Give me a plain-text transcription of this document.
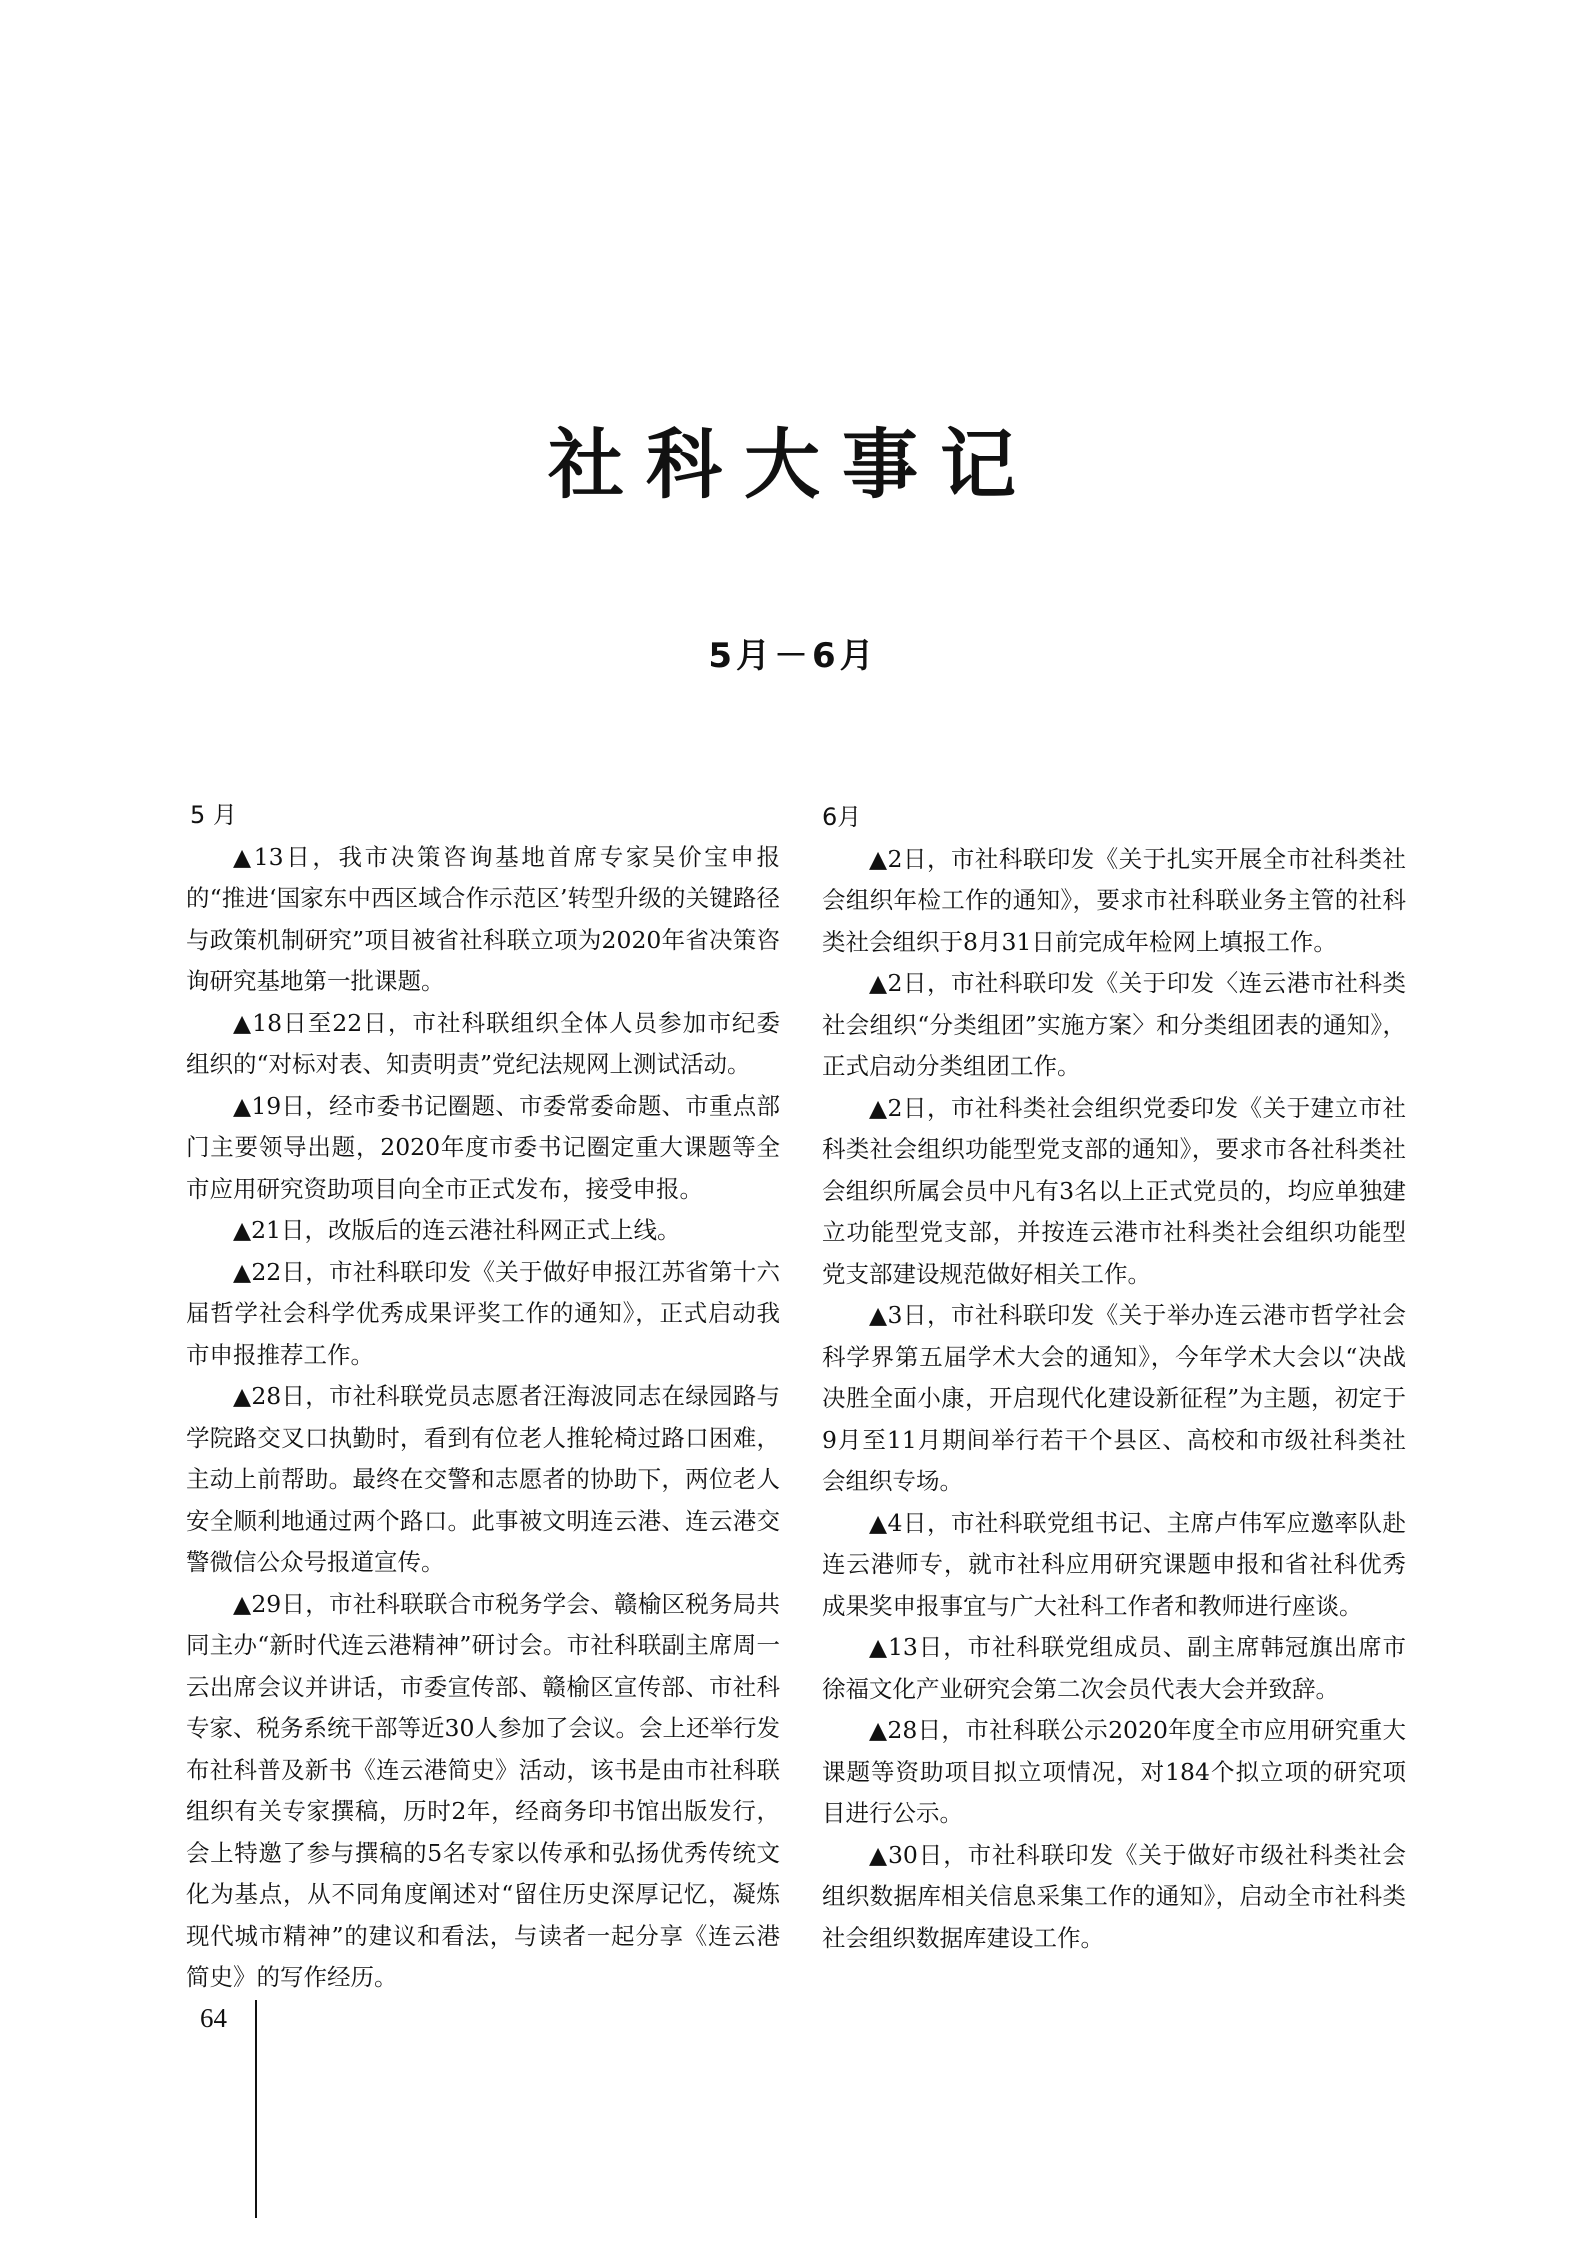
社科大事记
5月－6月
5 月

▲13日，我市决策咨询基地首席专家吴价宝申报的“推进‘国家东中西区域合作示范区’转型升级的关键路径与政策机制研究”项目被省社科联立项为2020年省决策咨询研究基地第一批课题。

▲18日至22日，市社科联组织全体人员参加市纪委组织的“对标对表、知责明责”党纪法规网上测试活动。

▲19日，经市委书记圈题、市委常委命题、市重点部门主要领导出题，2020年度市委书记圈定重大课题等全市应用研究资助项目向全市正式发布，接受申报。

▲21日，改版后的连云港社科网正式上线。

▲22日，市社科联印发《关于做好申报江苏省第十六届哲学社会科学优秀成果评奖工作的通知》，正式启动我市申报推荐工作。

▲28日，市社科联党员志愿者汪海波同志在绿园路与学院路交叉口执勤时，看到有位老人推轮椅过路口困难，主动上前帮助。最终在交警和志愿者的协助下，两位老人安全顺利地通过两个路口。此事被文明连云港、连云港交警微信公众号报道宣传。

▲29日，市社科联联合市税务学会、赣榆区税务局共同主办“新时代连云港精神”研讨会。市社科联副主席周一云出席会议并讲话，市委宣传部、赣榆区宣传部、市社科专家、税务系统干部等近30人参加了会议。会上还举行发布社科普及新书《连云港简史》活动，该书是由市社科联组织有关专家撰稿，历时2年，经商务印书馆出版发行，会上特邀了参与撰稿的5名专家以传承和弘扬优秀传统文化为基点，从不同角度阐述对“留住历史深厚记忆，凝炼现代城市精神”的建议和看法，与读者一起分享《连云港简史》的写作经历。

6月

▲2日，市社科联印发《关于扎实开展全市社科类社会组织年检工作的通知》，要求市社科联业务主管的社科类社会组织于8月31日前完成年检网上填报工作。

▲2日，市社科联印发《关于印发〈连云港市社科类社会组织“分类组团”实施方案〉和分类组团表的通知》，正式启动分类组团工作。

▲2日，市社科类社会组织党委印发《关于建立市社科类社会组织功能型党支部的通知》，要求市各社科类社会组织所属会员中凡有3名以上正式党员的，均应单独建立功能型党支部，并按连云港市社科类社会组织功能型党支部建设规范做好相关工作。

▲3日，市社科联印发《关于举办连云港市哲学社会科学界第五届学术大会的通知》，今年学术大会以“决战决胜全面小康，开启现代化建设新征程”为主题，初定于9月至11月期间举行若干个县区、高校和市级社科类社会组织专场。

▲4日，市社科联党组书记、主席卢伟军应邀率队赴连云港师专，就市社科应用研究课题申报和省社科优秀成果奖申报事宜与广大社科工作者和教师进行座谈。

▲13日，市社科联党组成员、副主席韩冠旗出席市徐福文化产业研究会第二次会员代表大会并致辞。

▲28日，市社科联公示2020年度全市应用研究重大课题等资助项目拟立项情况，对184个拟立项的研究项目进行公示。

▲30日，市社科联印发《关于做好市级社科类社会组织数据库相关信息采集工作的通知》，启动全市社科类社会组织数据库建设工作。

64
